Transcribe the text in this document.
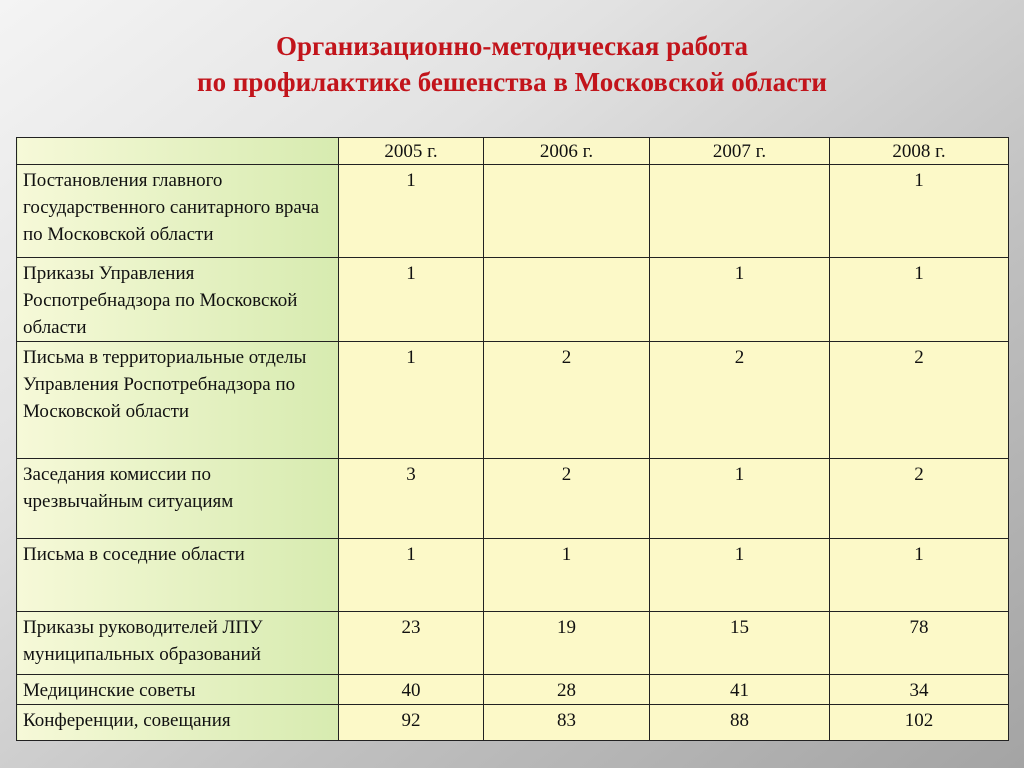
Организационно-методическая работа
по профилактике бешенства в Московской области
	2005 г.	2006 г.	2007 г.	2008 г.
Постановления главного государственного санитарного врача по Московской области	1			1
Приказы Управления Роспотребнадзора по Московской области	1		1	1
Письма в территориальные отделы Управления Роспотребнадзора по Московской области	1	2	2	2
Заседания комиссии по чрезвычайным ситуациям	3	2	1	2
Письма в соседние области	1	1	1	1
Приказы руководителей ЛПУ муниципальных образований	23	19	15	78
Медицинские советы	40	28	41	34
Конференции, совещания	92	83	88	102
